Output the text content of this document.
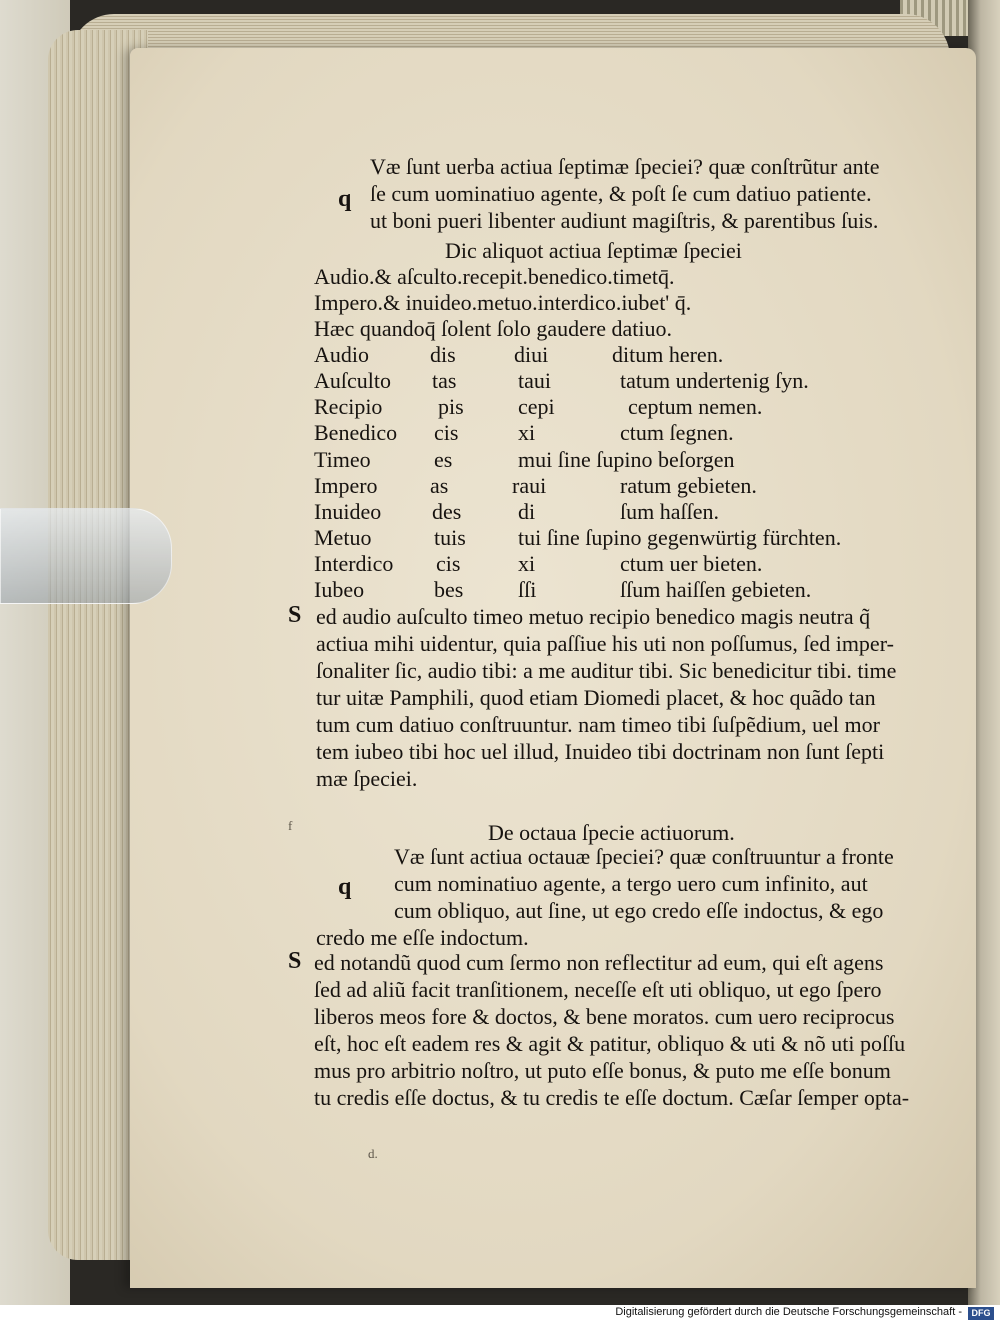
q
Væ ſunt uerba actiua ſeptimæ ſpeciei? quæ conſtrũtur ante
ſe cum uominatiuo agente, & poſt ſe cum datiuo patiente.
ut boni pueri libenter audiunt magiſtris, & parentibus ſuis.
Dic aliquot actiua ſeptimæ ſpeciei
Audio.& aſculto.recepit.benedico.timetq̄.
Impero.& inuideo.metuo.interdico.iubet' q̄.
Hæc quandoq̄ ſolent ſolo gaudere datiuo.
Audio	dis	diui	ditum heren.
Auſculto tas	taui	tatum undertenig ſyn.
Recipio	pis cepi	ceptum nemen.
Benedico cis	xi	ctum ſegnen.
Timeo	es	mui ſine ſupino beſorgen
Impero as	raui	ratum gebieten.
Inuideo des	di	ſum haſſen.
Metuo	tuis tui ſine ſupino gegenwürtig fürchten.
Interdico cis	xi	ctum uer bieten.
Iubeo	bes ſſi	ſſum haiſſen gebieten.
S ed audio auſculto timeo metuo recipio benedico magis neutra q̃
actiua mihi uidentur, quia paſſiue his uti non poſſumus, ſed imper-
ſonaliter ſic, audio tibi: a me auditur tibi. Sic benedicitur tibi. time
tur uitæ Pamphili, quod etiam Diomedi placet, & hoc quãdo tan
tum cum datiuo conſtruuntur. nam timeo tibi ſuſpẽdium, uel mor
tem iubeo tibi hoc uel illud, Inuideo tibi doctrinam non ſunt ſepti
mæ ſpeciei.
f	De octaua ſpecie actiuorum.
q
Væ ſunt actiua octauæ ſpeciei? quæ conſtruuntur a fronte
cum nominatiuo agente, a tergo uero cum infinito, aut
cum obliquo, aut ſine, ut ego credo eſſe indoctus, & ego
credo me eſſe indoctum.
S ed notandũ quod cum ſermo non reflectitur ad eum, qui eſt agens
ſed ad aliũ facit tranſitionem, neceſſe eſt uti obliquo, ut ego ſpero
liberos meos fore & doctos, & bene moratos. cum uero reciprocus
eſt, hoc eſt eadem res & agit & patitur, obliquo & uti & nõ uti poſſu
mus pro arbitrio noſtro, ut puto eſſe bonus, & puto me eſſe bonum
tu credis eſſe doctus, & tu credis te eſſe doctum. Cæſar ſemper opta-
d.
Digitalisierung gefördert durch die Deutsche Forschungsgemeinschaft -	DFG
